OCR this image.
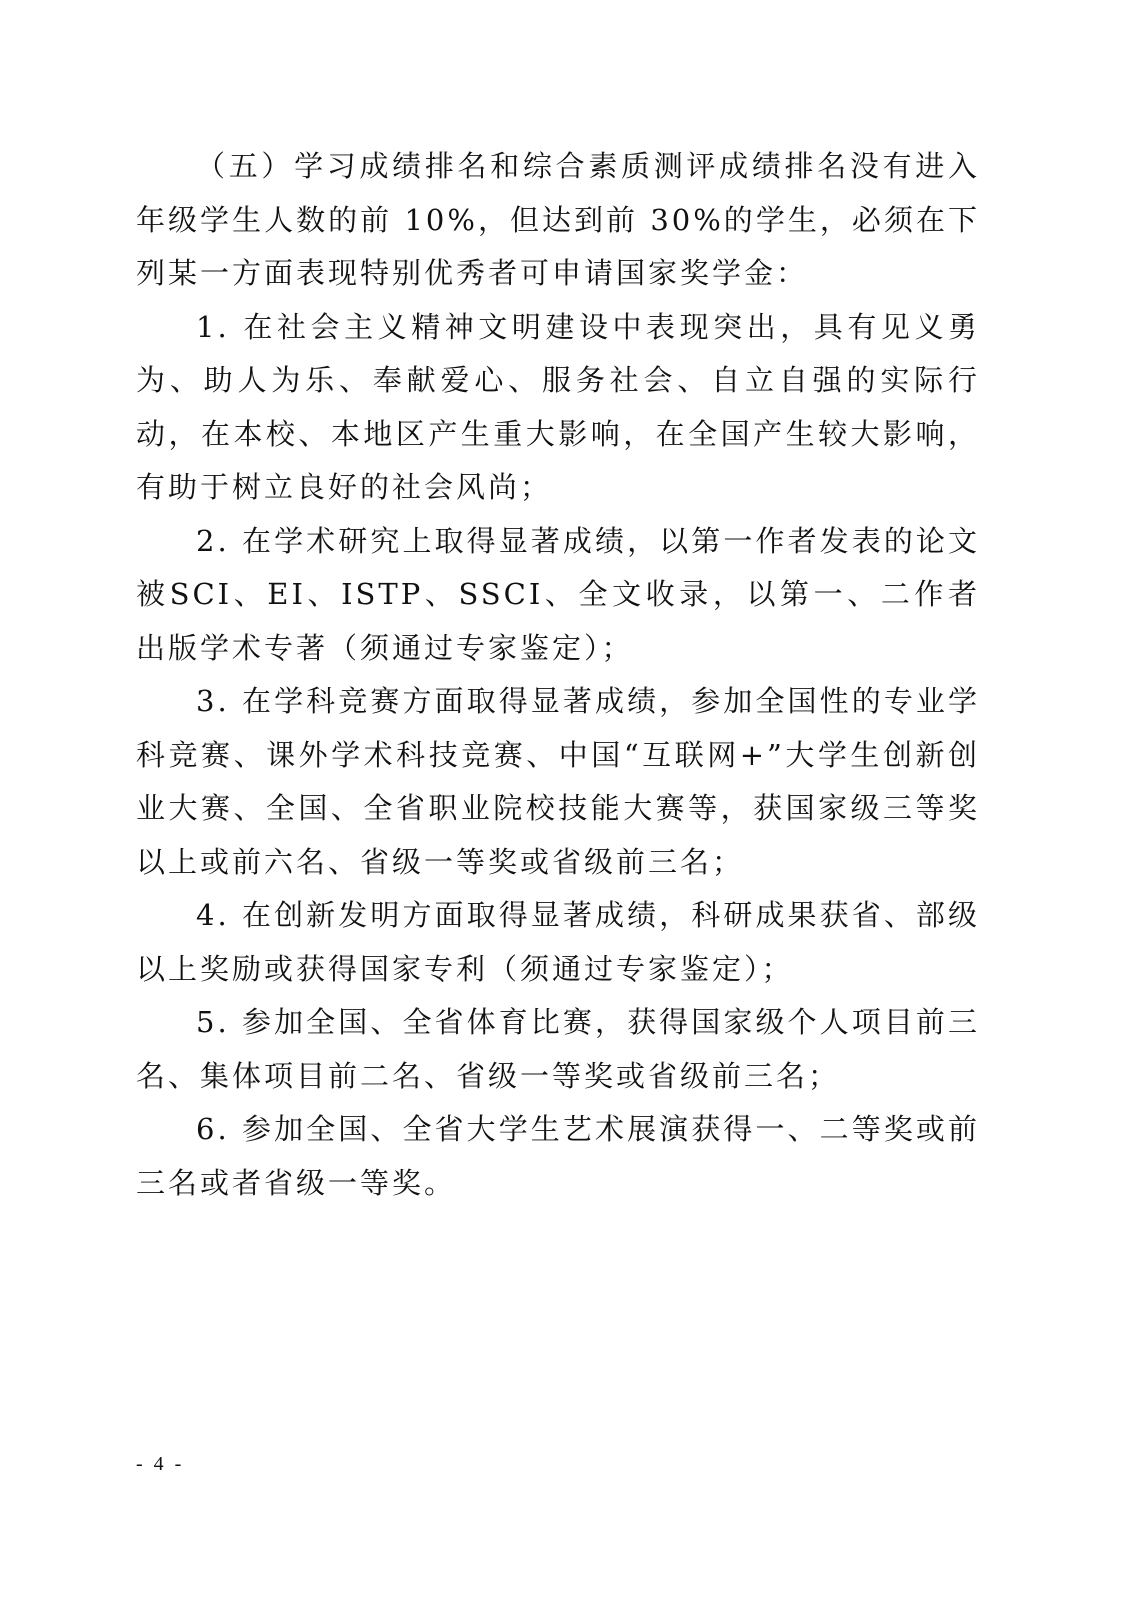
（五）学习成绩排名和综合素质测评成绩排名没有进入年级学生人数的前 10%，但达到前 30%的学生，必须在下列某一方面表现特别优秀者可申请国家奖学金：

1. 在社会主义精神文明建设中表现突出，具有见义勇为、助人为乐、奉献爱心、服务社会、自立自强的实际行动，在本校、本地区产生重大影响，在全国产生较大影响，有助于树立良好的社会风尚；

2. 在学术研究上取得显著成绩，以第一作者发表的论文被SCI、EI、ISTP、SSCI、全文收录，以第一、二作者出版学术专著（须通过专家鉴定）；

3. 在学科竞赛方面取得显著成绩，参加全国性的专业学科竞赛、课外学术科技竞赛、中国“互联网+”大学生创新创业大赛、全国、全省职业院校技能大赛等，获国家级三等奖以上或前六名、省级一等奖或省级前三名；

4. 在创新发明方面取得显著成绩，科研成果获省、部级以上奖励或获得国家专利（须通过专家鉴定）；

5. 参加全国、全省体育比赛，获得国家级个人项目前三名、集体项目前二名、省级一等奖或省级前三名；

6. 参加全国、全省大学生艺术展演获得一、二等奖或前三名或者省级一等奖。

- 4 -
